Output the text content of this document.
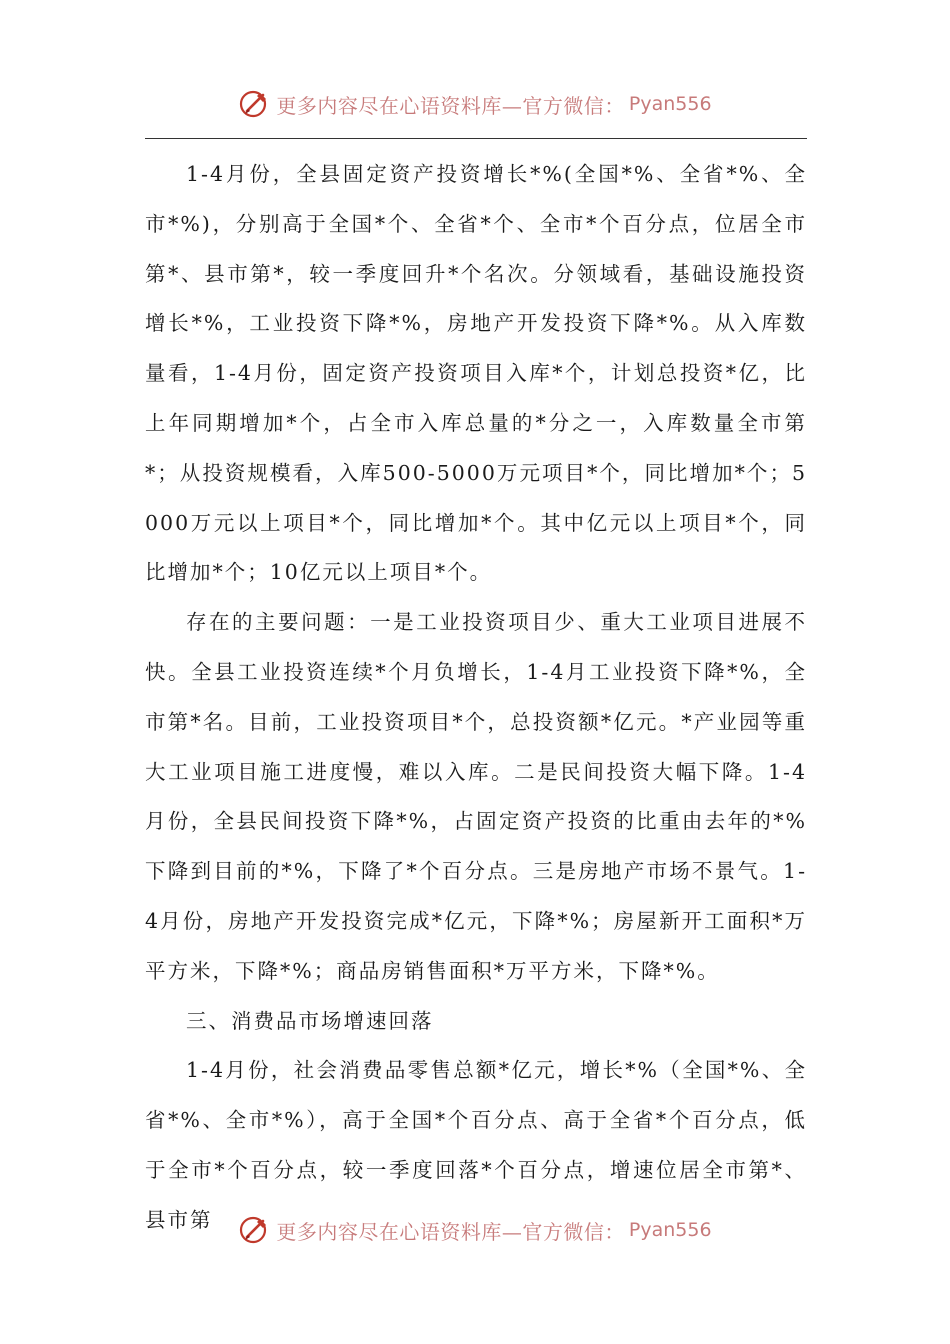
更多内容尽在心语资料库—官方微信： Pyan556

1-4月份，全县固定资产投资增长*%(全国*%、全省*%、全市*%)，分别高于全国*个、全省*个、全市*个百分点，位居全市第*、县市第*，较一季度回升*个名次。分领域看，基础设施投资增长*%，工业投资下降*%，房地产开发投资下降*%。从入库数量看，1-4月份，固定资产投资项目入库*个，计划总投资*亿，比上年同期增加*个，占全市入库总量的*分之一，入库数量全市第*；从投资规模看，入库500-5000万元项目*个，同比增加*个；5000万元以上项目*个，同比增加*个。其中亿元以上项目*个，同比增加*个；10亿元以上项目*个。

存在的主要问题：一是工业投资项目少、重大工业项目进展不快。全县工业投资连续*个月负增长，1-4月工业投资下降*%，全市第*名。目前，工业投资项目*个，总投资额*亿元。*产业园等重大工业项目施工进度慢，难以入库。二是民间投资大幅下降。1-4月份，全县民间投资下降*%，占固定资产投资的比重由去年的*%下降到目前的*%，下降了*个百分点。三是房地产市场不景气。1-4月份，房地产开发投资完成*亿元，下降*%；房屋新开工面积*万平方米，下降*%；商品房销售面积*万平方米，下降*%。

三、消费品市场增速回落

1-4月份，社会消费品零售总额*亿元，增长*%（全国*%、全省*%、全市*%），高于全国*个百分点、高于全省*个百分点，低于全市*个百分点，较一季度回落*个百分点，增速位居全市第*、县市第	更多内容尽在心语资料库—官方微信： Pyan556
